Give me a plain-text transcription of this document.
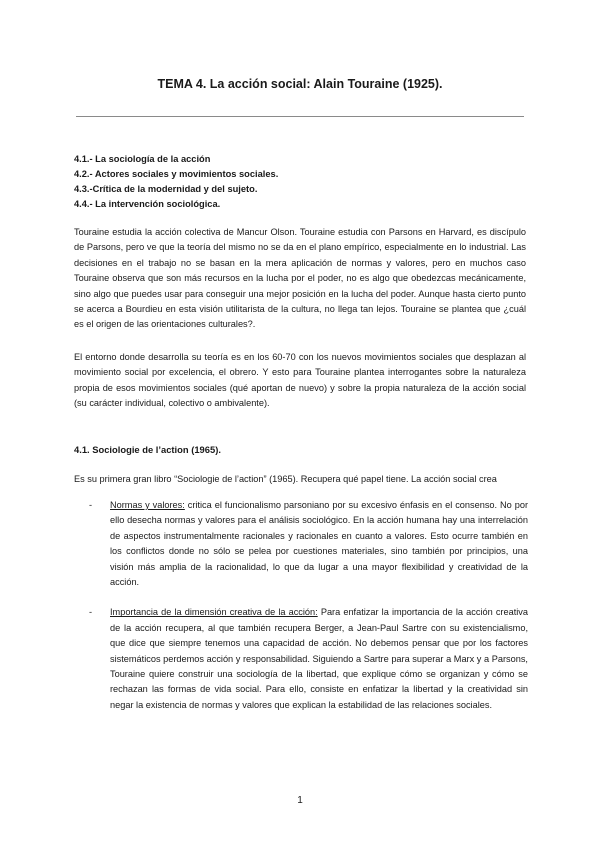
TEMA 4. La acción social: Alain Touraine (1925).
4.1.- La sociología de la acción
4.2.- Actores sociales y movimientos sociales.
4.3.-Crítica de la modernidad y del sujeto.
4.4.- La intervención sociológica.
Touraine estudia la acción colectiva de Mancur Olson. Touraine estudia con Parsons en Harvard, es discípulo de Parsons, pero ve que la teoría del mismo no se da en el plano empírico, especialmente en lo industrial. Las decisiones en el trabajo no se basan en la mera aplicación de normas y valores, pero en muchos caso Touraine observa que son más recursos en la lucha por el poder, no es algo que obedezcas mecánicamente, sino algo que puedes usar para conseguir una mejor posición en la lucha del poder. Aunque hasta cierto punto se acerca a Bourdieu en esta visión utilitarista de la cultura, no llega tan lejos. Touraine se plantea que ¿cuál es el origen de las orientaciones culturales?.
El entorno donde desarrolla su teoría es en los 60-70 con los nuevos movimientos sociales que desplazan al movimiento social por excelencia, el obrero. Y esto para Touraine plantea interrogantes sobre la naturaleza propia de esos movimientos sociales (qué aportan de nuevo) y sobre la propia naturaleza de la acción social (su carácter individual, colectivo o ambivalente).
4.1. Sociologie de l’action (1965).
Es su primera gran libro “Sociologie de l’action” (1965). Recupera qué papel tiene. La acción social crea
- Normas y valores: critica el funcionalismo parsoniano por su excesivo énfasis en el consenso. No por ello desecha normas y valores para el análisis sociológico. En la acción humana hay una interrelación de aspectos instrumentalmente racionales y racionales en cuanto a valores. Esto ocurre también en los conflictos donde no sólo se pelea por cuestiones materiales, sino también por principios, una visión más amplia de la racionalidad, lo que da lugar a una mayor flexibilidad y creatividad de la acción.
- Importancia de la dimensión creativa de la acción: Para enfatizar la importancia de la acción creativa de la acción recupera, al que también recupera Berger, a Jean-Paul Sartre con su existencialismo, que dice que siempre tenemos una capacidad de acción. No debemos pensar que por los factores sistemáticos perdemos acción y responsabilidad. Siguiendo a Sartre para superar a Marx y a Parsons, Touraine quiere construir una sociología de la libertad, que explique cómo se organizan y cómo se rechazan las formas de vida social. Para ello, consiste en enfatizar la libertad y la creatividad sin negar la existencia de normas y valores que explican la estabilidad de las relaciones sociales.
1
